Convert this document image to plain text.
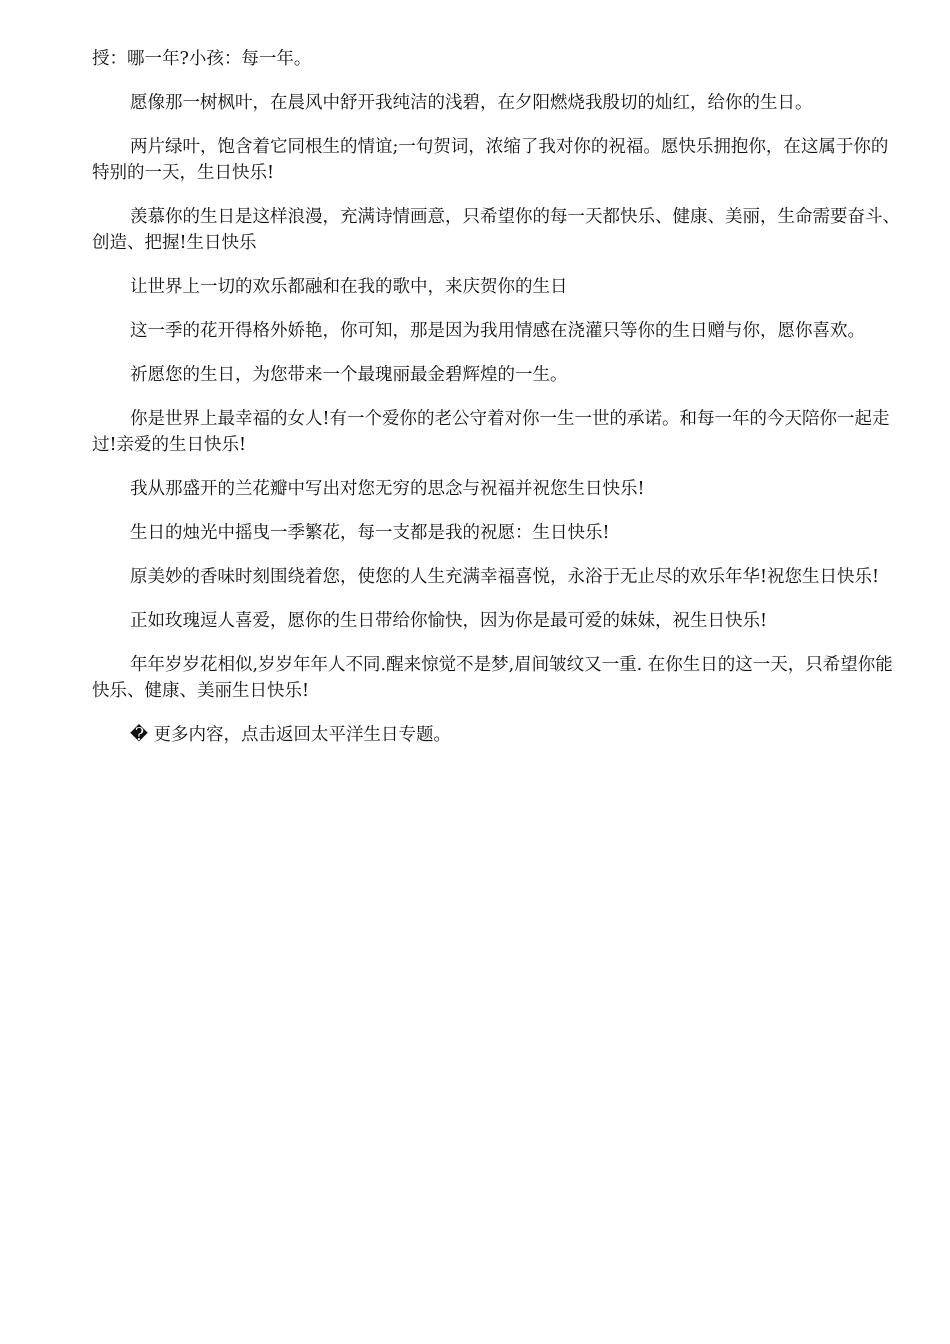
授：哪一年?小孩：每一年。

愿像那一树枫叶，在晨风中舒开我纯洁的浅碧，在夕阳燃烧我殷切的灿红，给你的生日。

两片绿叶，饱含着它同根生的情谊;一句贺词，浓缩了我对你的祝福。愿快乐拥抱你，在这属于你的特别的一天，生日快乐!

羡慕你的生日是这样浪漫，充满诗情画意，只希望你的每一天都快乐、健康、美丽，生命需要奋斗、创造、把握!生日快乐

让世界上一切的欢乐都融和在我的歌中，来庆贺你的生日

这一季的花开得格外娇艳，你可知，那是因为我用情感在浇灌只等你的生日赠与你，愿你喜欢。

祈愿您的生日，为您带来一个最瑰丽最金碧辉煌的一生。

你是世界上最幸福的女人!有一个爱你的老公守着对你一生一世的承诺。和每一年的今天陪你一起走过!亲爱的生日快乐!

我从那盛开的兰花瓣中写出对您无穷的思念与祝福并祝您生日快乐!

生日的烛光中摇曳一季繁花，每一支都是我的祝愿：生日快乐!

原美妙的香味时刻围绕着您，使您的人生充满幸福喜悦，永浴于无止尽的欢乐年华!祝您生日快乐!

正如玫瑰逗人喜爱，愿你的生日带给你愉快，因为你是最可爱的妹妹，祝生日快乐!

年年岁岁花相似,岁岁年年人不同.醒来惊觉不是梦,眉间皱纹又一重. 在你生日的这一天，只希望你能快乐、健康、美丽生日快乐!

� 更多内容，点击返回太平洋生日专题。
